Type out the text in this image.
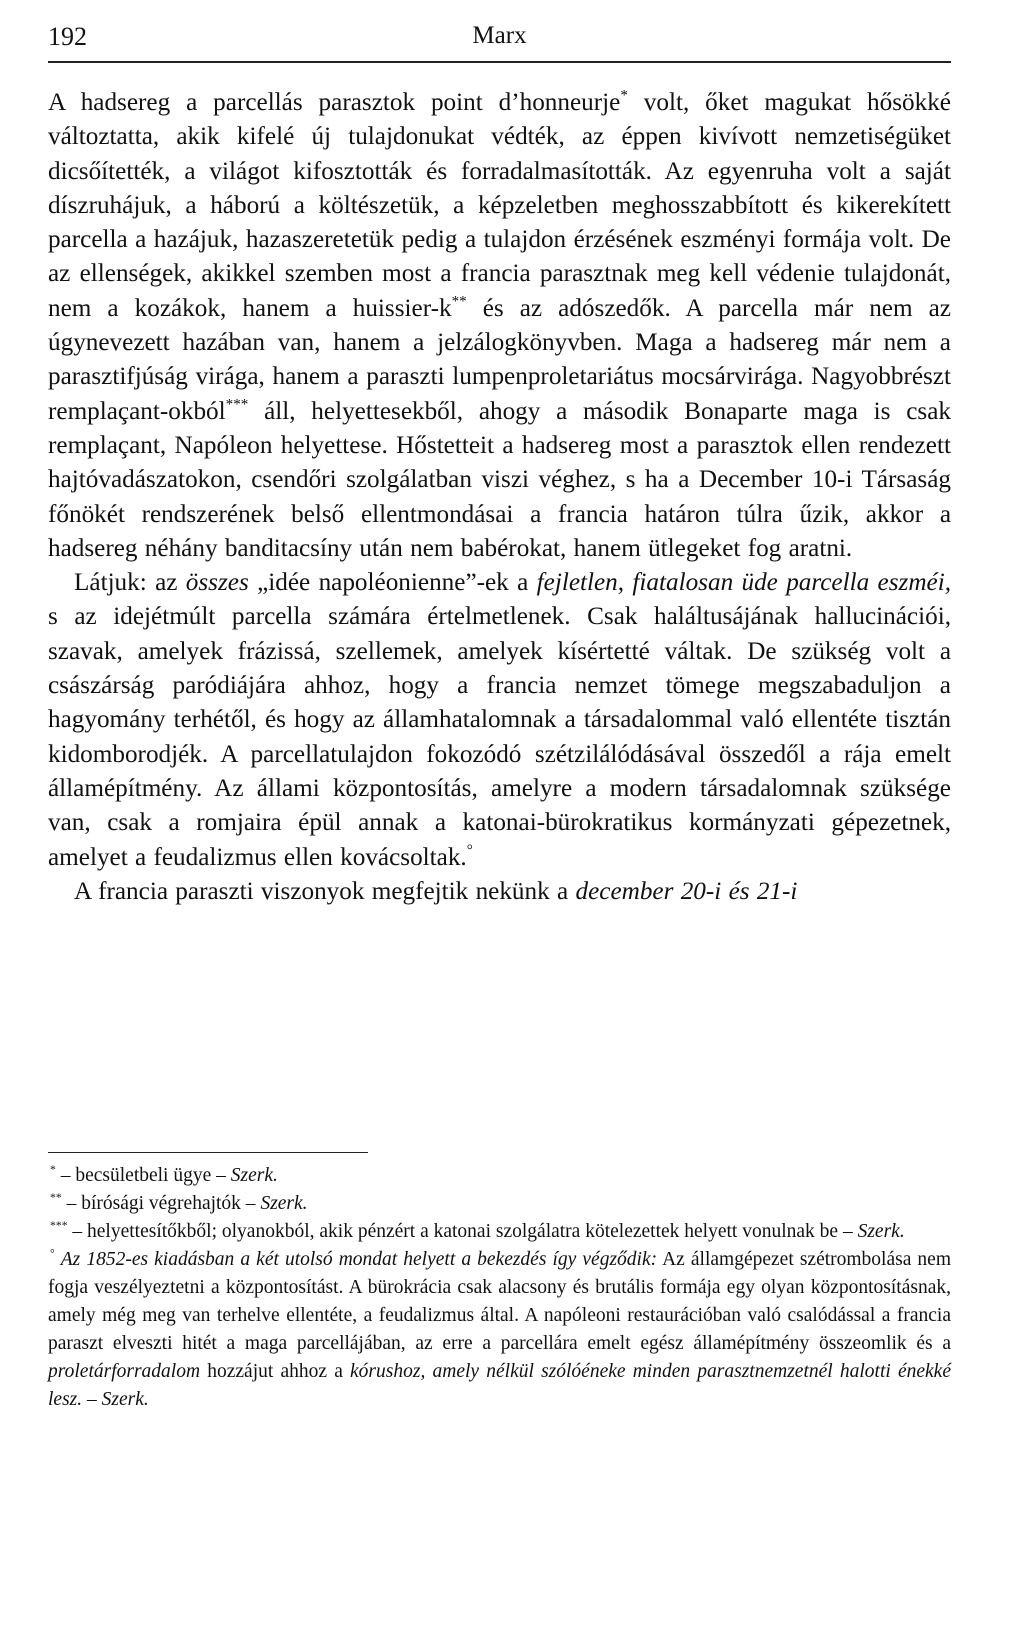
192	Marx

A hadsereg a parcellás parasztok point d’honneurje* volt, őket magukat hősökké változtatta, akik kifelé új tulajdonukat védték, az éppen kivívott nemzetiségüket dicsőítették, a világot kifosztották és forradalmasították. Az egyenruha volt a saját díszruhájuk, a háború a költészetük, a képzeletben meghosszabbított és kikerekített parcella a hazájuk, hazaszeretetük pedig a tulajdon érzésének eszményi formája volt. De az ellenségek, akikkel szemben most a francia parasztnak meg kell védenie tulajdonát, nem a kozákok, hanem a huissier-k** és az adószedők. A parcella már nem az úgynevezett hazában van, hanem a jelzálogkönyvben. Maga a hadsereg már nem a parasztifjúság virága, hanem a paraszti lumpenproletariátus mocsárvirága. Nagyobbrészt remplaçant-okból*** áll, helyettesekből, ahogy a második Bonaparte maga is csak remplaçant, Napóleon helyettese. Hőstetteit a hadsereg most a parasztok ellen rendezett hajtóvadászatokon, csendőri szolgálatban viszi véghez, s ha a December 10-i Társaság főnökét rendszerének belső ellentmondásai a francia határon túlra űzik, akkor a hadsereg néhány banditacsíny után nem babérokat, hanem ütlegeket fog aratni.

Látjuk: az összes „idée napoléonienne”-ek a fejletlen, fiatalosan üde parcella eszméi, s az idejétmúlt parcella számára értelmetlenek. Csak haláltusájának hallucinációi, szavak, amelyek frázissá, szellemek, amelyek kísértetté váltak. De szükség volt a császárság paródiájára ahhoz, hogy a francia nemzet tömege megszabaduljon a hagyomány terhétől, és hogy az államhatalomnak a társadalommal való ellentéte tisztán kidomborodjék. A parcellatulajdon fokozódó szétzilálódásával összedől a rája emelt államépítmény. Az állami központosítás, amelyre a modern társadalomnak szüksége van, csak a romjaira épül annak a katonai-bürokratikus kormányzati gépezetnek, amelyet a feudalizmus ellen kovácsoltak.°

A francia paraszti viszonyok megfejtik nekünk a december 20-i és 21-i

* – becsületbeli ügye – Szerk.

** – bírósági végrehajtók – Szerk.

*** – helyettesítőkből; olyanokból, akik pénzért a katonai szolgálatra kötelezettek helyett vonulnak be – Szerk.

° Az 1852-es kiadásban a két utolsó mondat helyett a bekezdés így végződik: Az államgépezet szétrombolása nem fogja veszélyeztetni a központosítást. A bürokrácia csak alacsony és brutális formája egy olyan központosításnak, amely még meg van terhelve ellentéte, a feudalizmus által. A napóleoni restaurációban való csalódással a francia paraszt elveszti hitét a maga parcellájában, az erre a parcellára emelt egész államépítmény összeomlik és a proletárforradalom hozzájut ahhoz a kórushoz, amely nélkül szólóéneke minden parasztnemzetnél halotti énekké lesz. – Szerk.
